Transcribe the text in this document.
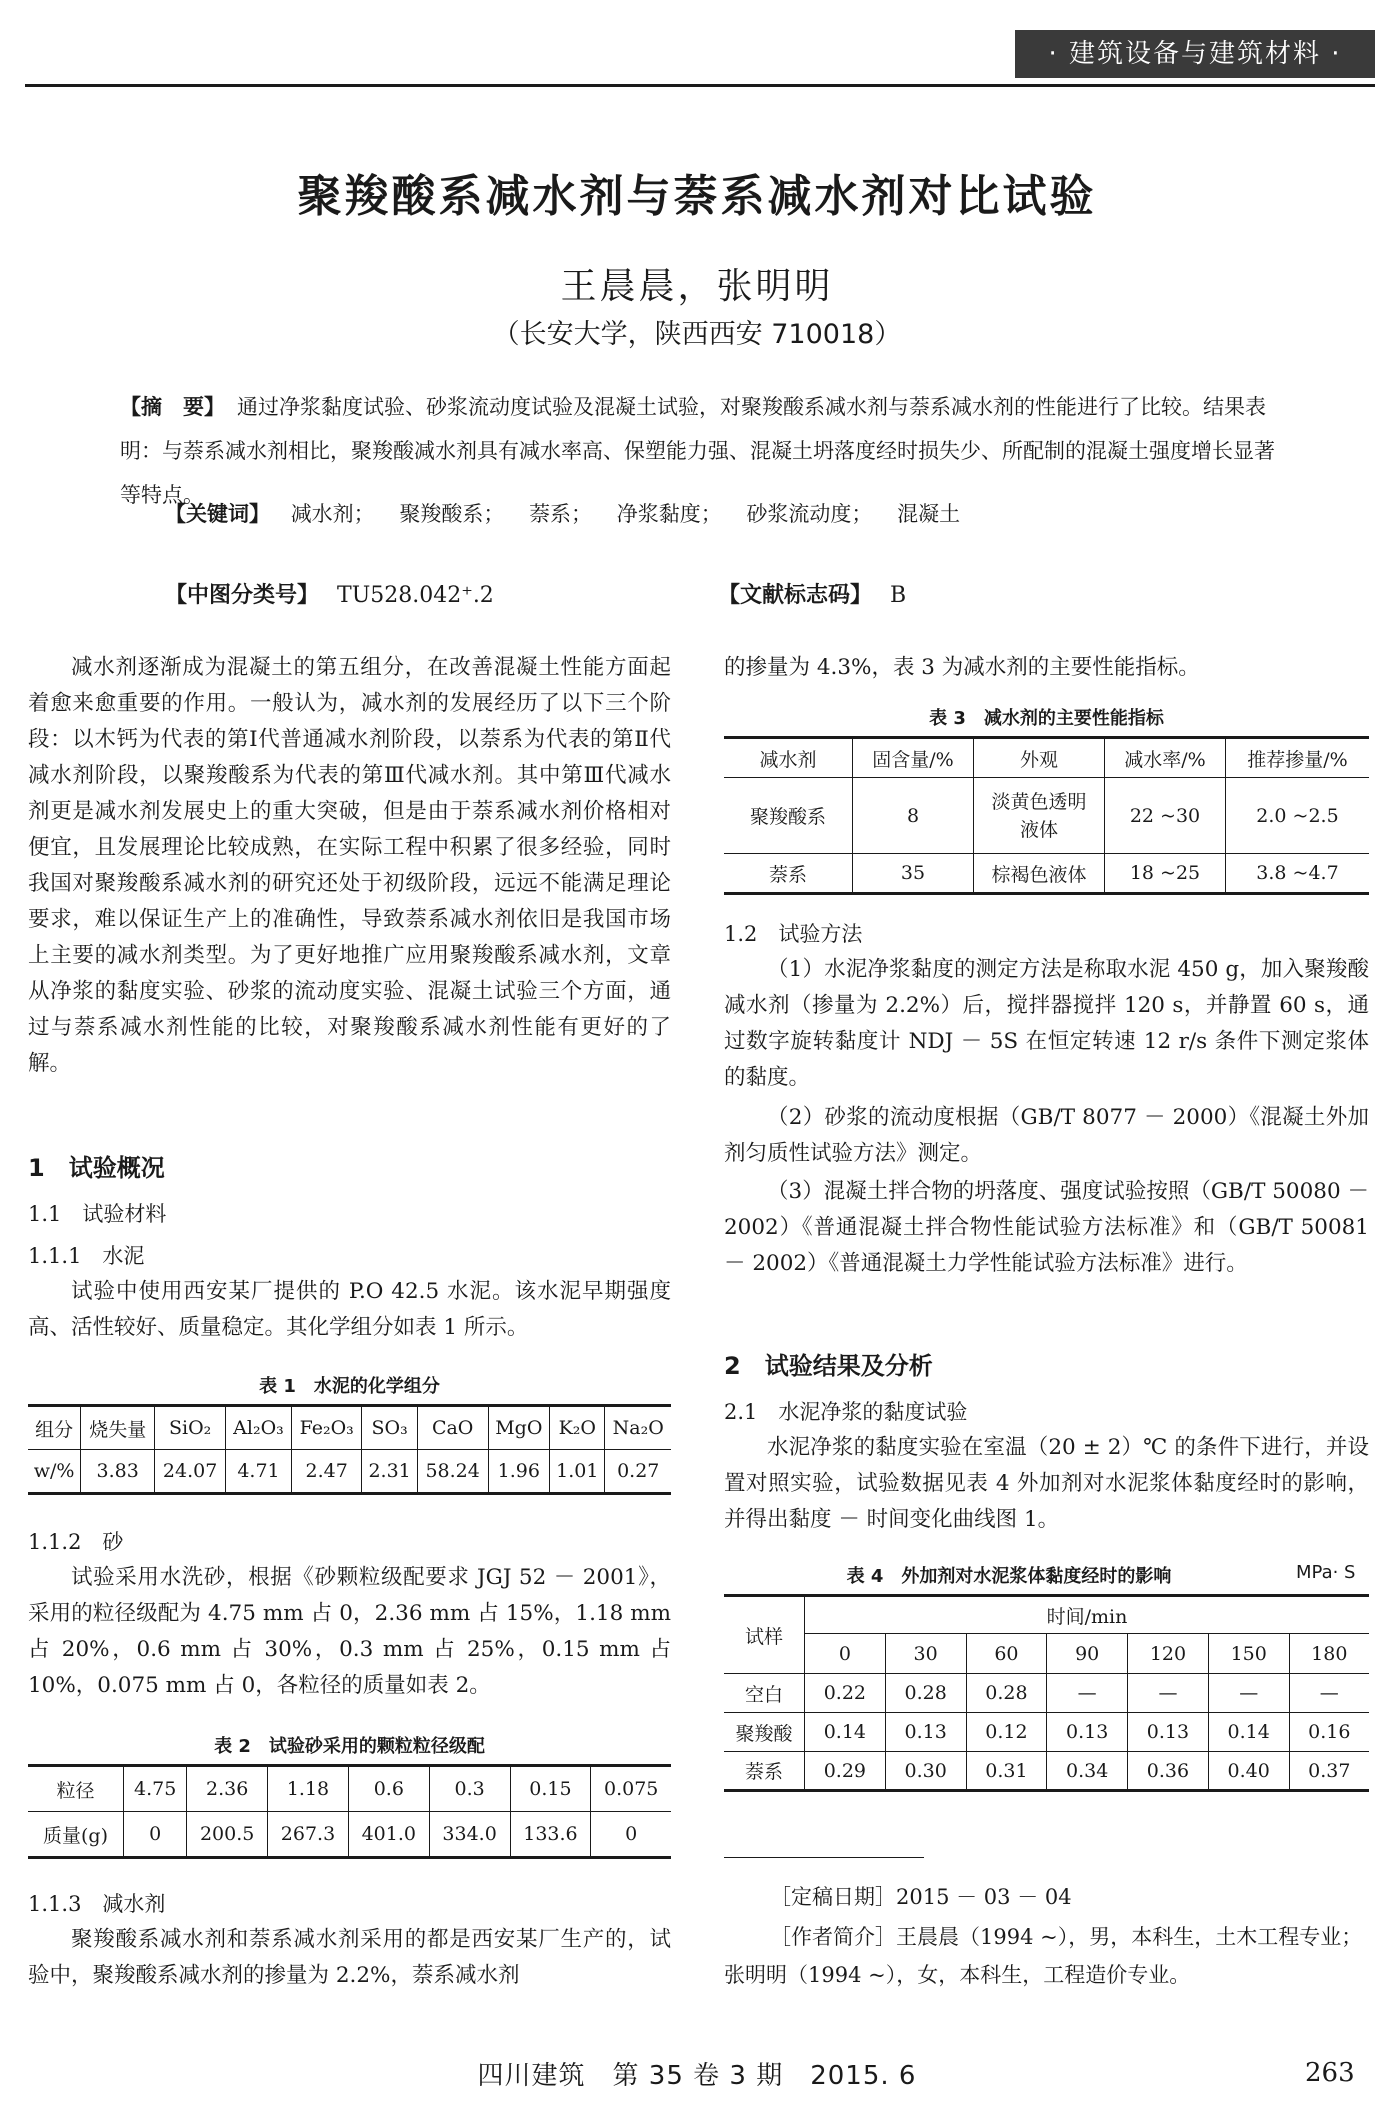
· 建筑设备与建筑材料 ·
聚羧酸系减水剂与萘系减水剂对比试验
王晨晨，张明明
（长安大学，陕西西安 710018）
【摘　要】 通过净浆黏度试验、砂浆流动度试验及混凝土试验，对聚羧酸系减水剂与萘系减水剂的性能进行了比较。结果表明：与萘系减水剂相比，聚羧酸减水剂具有减水率高、保塑能力强、混凝土坍落度经时损失少、所配制的混凝土强度增长显著等特点。
【关键词】 减水剂； 聚羧酸系； 萘系； 净浆黏度； 砂浆流动度； 混凝土
【中图分类号】 TU528.042⁺.2	【文献标志码】 B

减水剂逐渐成为混凝土的第五组分，在改善混凝土性能方面起着愈来愈重要的作用。一般认为，减水剂的发展经历了以下三个阶段：以木钙为代表的第Ⅰ代普通减水剂阶段，以萘系为代表的第Ⅱ代减水剂阶段，以聚羧酸系为代表的第Ⅲ代减水剂。其中第Ⅲ代减水剂更是减水剂发展史上的重大突破，但是由于萘系减水剂价格相对便宜，且发展理论比较成熟，在实际工程中积累了很多经验，同时我国对聚羧酸系减水剂的研究还处于初级阶段，远远不能满足理论要求，难以保证生产上的准确性，导致萘系减水剂依旧是我国市场上主要的减水剂类型。为了更好地推广应用聚羧酸系减水剂，文章从净浆的黏度实验、砂浆的流动度实验、混凝土试验三个方面，通过与萘系减水剂性能的比较，对聚羧酸系减水剂性能有更好的了解。

1　试验概况
1.1　试验材料
1.1.1　水泥

试验中使用西安某厂提供的 P.O 42.5 水泥。该水泥早期强度高、活性较好、质量稳定。其化学组分如表 1 所示。

表 1　水泥的化学组分
组分	烧失量	SiO₂	Al₂O₃	Fe₂O₃	SO₃	CaO	MgO	K₂O	Na₂O
w/%	3.83	24.07	4.71	2.47	2.31	58.24	1.96	1.01	0.27
1.1.2　砂

试验采用水洗砂，根据《砂颗粒级配要求 JGJ 52 － 2001》，采用的粒径级配为 4.75 mm 占 0，2.36 mm 占 15%，1.18 mm 占 20%，0.6 mm 占 30%，0.3 mm 占 25%，0.15 mm 占 10%，0.075 mm 占 0，各粒径的质量如表 2。

表 2　试验砂采用的颗粒粒径级配
粒径	4.75	2.36	1.18	0.6	0.3	0.15	0.075
质量(g)	0	200.5	267.3	401.0	334.0	133.6	0
1.1.3　减水剂

聚羧酸系减水剂和萘系减水剂采用的都是西安某厂生产的，试验中，聚羧酸系减水剂的掺量为 2.2%，萘系减水剂

的掺量为 4.3%，表 3 为减水剂的主要性能指标。

表 3　减水剂的主要性能指标
减水剂	固含量/%	外观	减水率/%	推荐掺量/%
聚羧酸系	8	淡黄色透明液体	22 ~30	2.0 ~2.5
萘系	35	棕褐色液体	18 ~25	3.8 ~4.7
1.2　试验方法

（1）水泥净浆黏度的测定方法是称取水泥 450 g，加入聚羧酸减水剂（掺量为 2.2%）后，搅拌器搅拌 120 s，并静置 60 s，通过数字旋转黏度计 NDJ － 5S 在恒定转速 12 r/s 条件下测定浆体的黏度。

（2）砂浆的流动度根据（GB/T 8077 － 2000）《混凝土外加剂匀质性试验方法》测定。

（3）混凝土拌合物的坍落度、强度试验按照（GB/T 50080 － 2002）《普通混凝土拌合物性能试验方法标准》和（GB/T 50081 － 2002）《普通混凝土力学性能试验方法标准》进行。

2　试验结果及分析
2.1　水泥净浆的黏度试验

水泥净浆的黏度实验在室温（20 ± 2）℃ 的条件下进行，并设置对照实验，试验数据见表 4 外加剂对水泥浆体黏度经时的影响，并得出黏度 － 时间变化曲线图 1。

表 4　外加剂对水泥浆体黏度经时的影响	MPa· S
试样	时间/min						
	0	30	60	90	120	150	180
空白	0.22	0.28	0.28	—	—	—	—
聚羧酸	0.14	0.13	0.12	0.13	0.13	0.14	0.16
萘系	0.29	0.30	0.31	0.34	0.36	0.40	0.37
［定稿日期］2015 － 03 － 04
［作者简介］王晨晨（1994 ~），男，本科生，土木工程专业；张明明（1994 ~），女，本科生，工程造价专业。
四川建筑　第 35 卷 3 期　2015. 6	263
